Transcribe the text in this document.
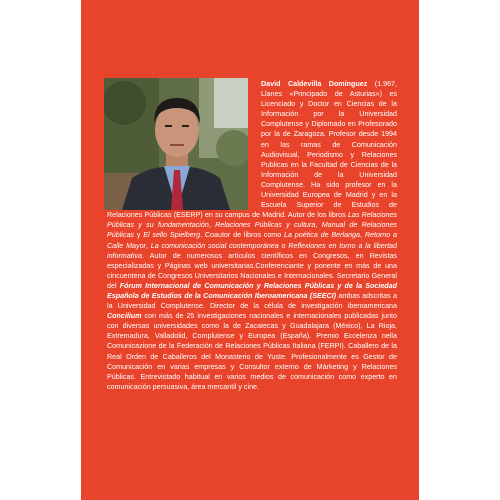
David Caldevilla Domínguez (1.967, Llanes «Principado de Asturias») es Licenciado y Doctor en Ciencias de la Información por la Universidad Complutense y Diplomado en Profesorado por la de Zaragoza. Profesor desde 1994 en las ramas de Comunicación Audiovisual, Periodismo y Relaciones Publicas en la Facultad de Ciencias de la Información de la Universidad Complutense. Ha sido profesor en la Universidad Europea de Madrid y en la Escuela Superior de Estudios de Relaciones Públicas (ESERP) en su campus de Madrid. Autor de los libros Las Relaciones Públicas y su fundamentación, Relaciones Públicas y cultura, Manual de Relaciones Públicas y El sello Spielberg. Coautor de libros como La poética de Berlanga, Retorno a Calle Mayor, La comunicación social contemporánea o Reflexiones en torno a la libertad informativa. Autor de numerosos artículos científicos en Congresos, en Revistas especializadas y Páginas web universitarias.Conferenciante y ponente en más de una cincuentena de Congresos Universitarios Nacionales e Internacionales. Secretario General del Fórum Internacional de Comunicación y Relaciones Públicas y de la Sociedad Española de Estudios de la Comunicación Iberoamericana (SEECI) ambas adscritas a la Universidad Complutense. Director de la célula de investigación iberoamericana Concilium con más de 25 investigaciones nacionales e internacionales publicadas junto con diversas universidades como la de Zacatecas y Guadalajara (México), La Rioja, Extremadura, Valladolid, Complutense y Europea (España). Premio Eccelenza nella Comunicazione de la Federación de Relaciones Públicas Italiana (FERPI). Caballero de la Real Orden de Caballeros del Monasterio de Yuste. Profesionalmente es Gestor de Comunicación en varias empresas y Consultor externo de Márketing y Relaciones Públicas. Entrevistado habitual en varios medios de comunicación como experto en comunicación persuasiva, área mercantil y cine.
